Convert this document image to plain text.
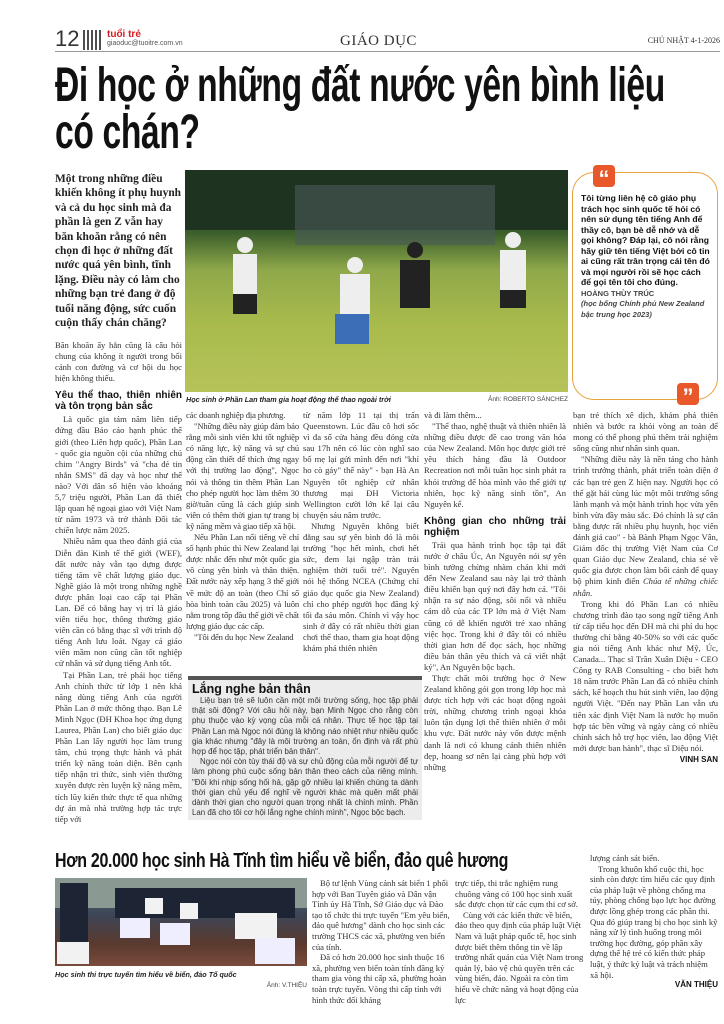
12	tuổi trẻ
giaoduc@tuoitre.com.vn	GIÁO DỤC	CHỦ NHẬT 4-1-2026
Đi học ở những đất nước yên bình liệu có chán?
Một trong những điều khiến không ít phụ huynh và cả du học sinh mà đa phần là gen Z vẫn hay băn khoăn rằng có nên chọn đi học ở những đất nước quá yên bình, tĩnh lặng. Điều này có làm cho những bạn trẻ đang ở độ tuổi năng động, sức cuốn cuộn thấy chán chăng?
Học sinh ở Phần Lan tham gia hoạt động thể thao ngoài trời	Ảnh: ROBERTO SÁNCHEZ
“
Tôi từng liên hệ cô giáo phụ trách học sinh quốc tế hỏi có nên sử dụng tên tiếng Anh để thầy cô, bạn bè dễ nhớ và dễ gọi không? Đáp lại, cô nói rằng hãy giữ tên tiếng Việt bởi cô tin ai cũng rất trân trọng cái tên đó và mọi người rồi sẽ học cách để gọi tên tôi cho đúng.
HOÀNG THÙY TRÚC
(học bổng Chính phủ New Zealand bậc trung học 2023)
”

Băn khoăn ấy hẳn cũng là câu hỏi chung của không ít người trong bối cảnh con đường và cơ hội du học hiện không thiếu.

Yêu thể thao, thiên nhiên và tôn trọng bản sắc

Là quốc gia tám năm liên tiếp đứng đầu Báo cáo hạnh phúc thế giới (theo Liên hợp quốc), Phần Lan - quốc gia nguồn cội của những chú chim "Angry Birds" và "cha đẻ tin nhắn SMS" đã dạy và học như thế nào? Với dân số hiện vào khoảng 5,7 triệu người, Phần Lan đã thiết lập quan hệ ngoại giao với Việt Nam từ năm 1973 và trở thành Đối tác chiến lược năm 2025.

Nhiều năm qua theo đánh giá của Diễn đàn Kinh tế thế giới (WEF), đất nước này vẫn tạo dựng được tiếng tăm về chất lượng giáo dục. Nghề giáo là một trong những nghề được phân loại cao cấp tại Phần Lan. Để có bằng hay vị trí là giáo viên tiểu học, thông thường giáo viên cần có bằng thạc sĩ với trình độ tiếng Anh lưu loát. Ngay cả giáo viên mầm non cũng cần tốt nghiệp cử nhân và sử dụng tiếng Anh tốt.

Tại Phần Lan, trẻ phải học tiếng Anh chính thức từ lớp 1 nên khả năng dùng tiếng Anh của người Phần Lan ở mức thông thạo. Bạn Lê Minh Ngọc (ĐH Khoa học ứng dụng Laurea, Phần Lan) cho biết giáo dục Phần Lan lấy người học làm trung tâm, chú trọng thực hành và phát triển kỹ năng toàn diện. Bên cạnh tiếp nhận tri thức, sinh viên thường xuyên được rèn luyện kỹ năng mềm, tích lũy kiến thức thực tế qua những dự án mà nhà trường hợp tác trực tiếp với

các doanh nghiệp địa phương.

"Những điều này giúp đảm bảo rằng mỗi sinh viên khi tốt nghiệp có năng lực, kỹ năng và sự chủ động cần thiết để thích ứng ngay với thị trường lao động", Ngọc nói và thông tin thêm Phần Lan cho phép người học làm thêm 30 giờ/tuần cũng là cách giúp sinh viên có thêm thời gian tự trang bị kỹ năng mềm và giao tiếp xã hội.

Nếu Phần Lan nổi tiếng về chỉ số hạnh phúc thì New Zealand lại được nhắc đến như một quốc gia vô cùng yên bình và thân thiện. Đất nước này xếp hạng 3 thế giới về mức độ an toàn (theo Chỉ số hòa bình toàn cầu 2025) và luôn nằm trong tốp đầu thế giới về chất lượng giáo dục các cấp.

"Tôi đến du học New Zealand

từ năm lớp 11 tại thị trấn Queenstown. Lúc đầu cô hơi sốc vì đa số cửa hàng đều đóng cửa sau 17h nên có lúc còn nghĩ sao bố mẹ lại gửi mình đến nơi "khỉ ho cò gáy" thế này" - bạn Hà An Nguyên tốt nghiệp cử nhân thương mại ĐH Victoria Wellington cười lớn kể lại câu chuyện sáu năm trước.

Nhưng Nguyên không biết đằng sau sự yên bình đó là môi trường "học hết mình, chơi hết sức, đem lại ngập tràn trải nghiệm thời tuổi trẻ". Nguyên nói hệ thống NCEA (Chứng chỉ giáo dục quốc gia New Zealand) chỉ cho phép người học đăng ký tối đa sáu môn. Chính vì vậy học sinh ở đây có rất nhiều thời gian chơi thể thao, tham gia hoạt động khám phá thiên nhiên

và đi làm thêm...

"Thể thao, nghệ thuật và thiên nhiên là những điều được đề cao trong văn hóa của New Zealand. Môn học được giới trẻ yêu thích hàng đầu là Outdoor Recreation nơi mỗi tuần học sinh phát ra khỏi trường để hòa mình vào thế giới tự nhiên, học kỹ năng sinh tồn", An Nguyên kể.

Không gian cho những trải nghiệm

Trải qua hành trình học tập tại đất nước ở châu Úc, An Nguyên nói sự yên bình tưởng chừng nhàm chán khi mới đến New Zealand sau này lại trở thành điều khiến bạn quý nơi đây hơn cả. "Tôi nhận ra sự náo động, sôi nổi và nhiều cám dỗ của các TP lớn mà ở Việt Nam cũng có dễ khiến người trẻ xao nhãng việc học. Trong khi ở đây tôi có nhiều thời gian hơn để đọc sách, học những điều bản thân yêu thích và cả viết nhật ký", An Nguyên bộc bạch.

Thực chất môi trường học ở New Zealand không gói gọn trong lớp học mà được tích hợp với các hoạt động ngoài trời, những chương trình ngoại khóa luôn tận dụng lợi thế thiên nhiên ở mỗi khu vực. Đất nước này vốn được mệnh danh là nơi có khung cảnh thiên nhiên đẹp, hoang sơ nên lại càng phù hợp với những

bạn trẻ thích xê dịch, khám phá thiên nhiên và bước ra khỏi vòng an toàn để mong có thể phong phú thêm trải nghiệm sống cũng như nhân sinh quan.

"Những điều này là nền tảng cho hành trình trưởng thành, phát triển toàn diện ở các bạn trẻ gen Z hiện nay. Người học có thể gặt hái cùng lúc một môi trường sống lành mạnh và một hành trình học vừa yên bình vừa đầy màu sắc. Đó chính là sự cân bằng được rất nhiều phụ huynh, học viên đánh giá cao" - bà Bành Phạm Ngọc Vân, Giám đốc thị trường Việt Nam của Cơ quan Giáo dục New Zealand, chia sẻ về quốc gia được chọn làm bối cảnh để quay bộ phim kinh điển Chúa tể những chiếc nhẫn.

Trong khi đó Phần Lan có nhiều chương trình đào tạo song ngữ tiếng Anh từ cấp tiểu học đến ĐH mà chi phí du học thường chỉ bằng 40-50% so với các quốc gia nói tiếng Anh khác như Mỹ, Úc, Canada... Thạc sĩ Trần Xuân Diệu - CEO Công ty RAB Consulting - cho biết hơn 18 năm trước Phần Lan đã có nhiều chính sách, kế hoạch thu hút sinh viên, lao động người Việt. "Đến nay Phần Lan vẫn ưu tiên xác định Việt Nam là nước họ muốn hợp tác bền vững và ngày càng có nhiều chính sách hỗ trợ học viên, lao động Việt mới được ban hành", thạc sĩ Diệu nói.

VINH SAN
Lắng nghe bản thân

Liệu bạn trẻ sẽ luôn cần một môi trường sống, học tập phải thật sôi động? Với câu hỏi này, bạn Minh Ngọc cho rằng còn phụ thuộc vào kỳ vọng của mỗi cá nhân. Thực tế học tập tại Phần Lan mà Ngọc nói đúng là không náo nhiệt như nhiều quốc gia khác nhưng "đây là môi trường an toàn, ổn định và rất phù hợp để học tập, phát triển bản thân".

Ngọc nói còn tùy thái độ và sự chủ động của mỗi người để tự làm phong phú cuộc sống bản thân theo cách của riêng mình. "Đôi khi nhịp sống hối hả, gặp gỡ nhiều lại khiến chúng ta dành thời gian chủ yếu để nghĩ về người khác mà quên mất phải dành thời gian cho người quan trọng nhất là chính mình. Phần Lan đã cho tôi cơ hội lắng nghe chính mình", Ngọc bộc bạch.

Hơn 20.000 học sinh Hà Tĩnh tìm hiểu về biển, đảo quê hương
Học sinh thi trực tuyến tìm hiểu về biển, đảo Tổ quốc
Ảnh: V.THIỆU

Bộ tư lệnh Vùng cảnh sát biển 1 phối hợp với Ban Tuyên giáo và Dân vận Tỉnh ủy Hà Tĩnh, Sở Giáo dục và Đào tạo tổ chức thi trực tuyến "Em yêu biển, đảo quê hương" dành cho học sinh các trường THCS các xã, phường ven biển của tỉnh.

Đã có hơn 20.000 học sinh thuộc 16 xã, phường ven biển toàn tỉnh đăng ký tham gia vòng thi cấp xã, phường hoàn toàn trực tuyến. Vòng thi cấp tỉnh với hình thức đối kháng

trực tiếp, thi trắc nghiệm rung chuông vàng có 100 học sinh xuất sắc được chọn từ các cụm thi cơ sở.

Cùng với các kiến thức về biển, đảo theo quy định của pháp luật Việt Nam và luật pháp quốc tế, học sinh được biết thêm thông tin về lập trường nhất quán của Việt Nam trong quản lý, bảo vệ chủ quyền trên các vùng biển, đảo. Ngoài ra còn tìm hiểu về chức năng và hoạt động của lực

lượng cảnh sát biển.

Trong khuôn khổ cuộc thi, học sinh còn được tìm hiểu các quy định của pháp luật về phòng chống ma túy, phòng chống bạo lực học đường được lồng ghép trong các phần thi. Qua đó giúp trang bị cho học sinh kỹ năng xử lý tình huống trong môi trường học đường, góp phần xây dựng thế hệ trẻ có kiến thức pháp luật, ý thức kỷ luật và trách nhiệm xã hội.

VĂN THIỆU
